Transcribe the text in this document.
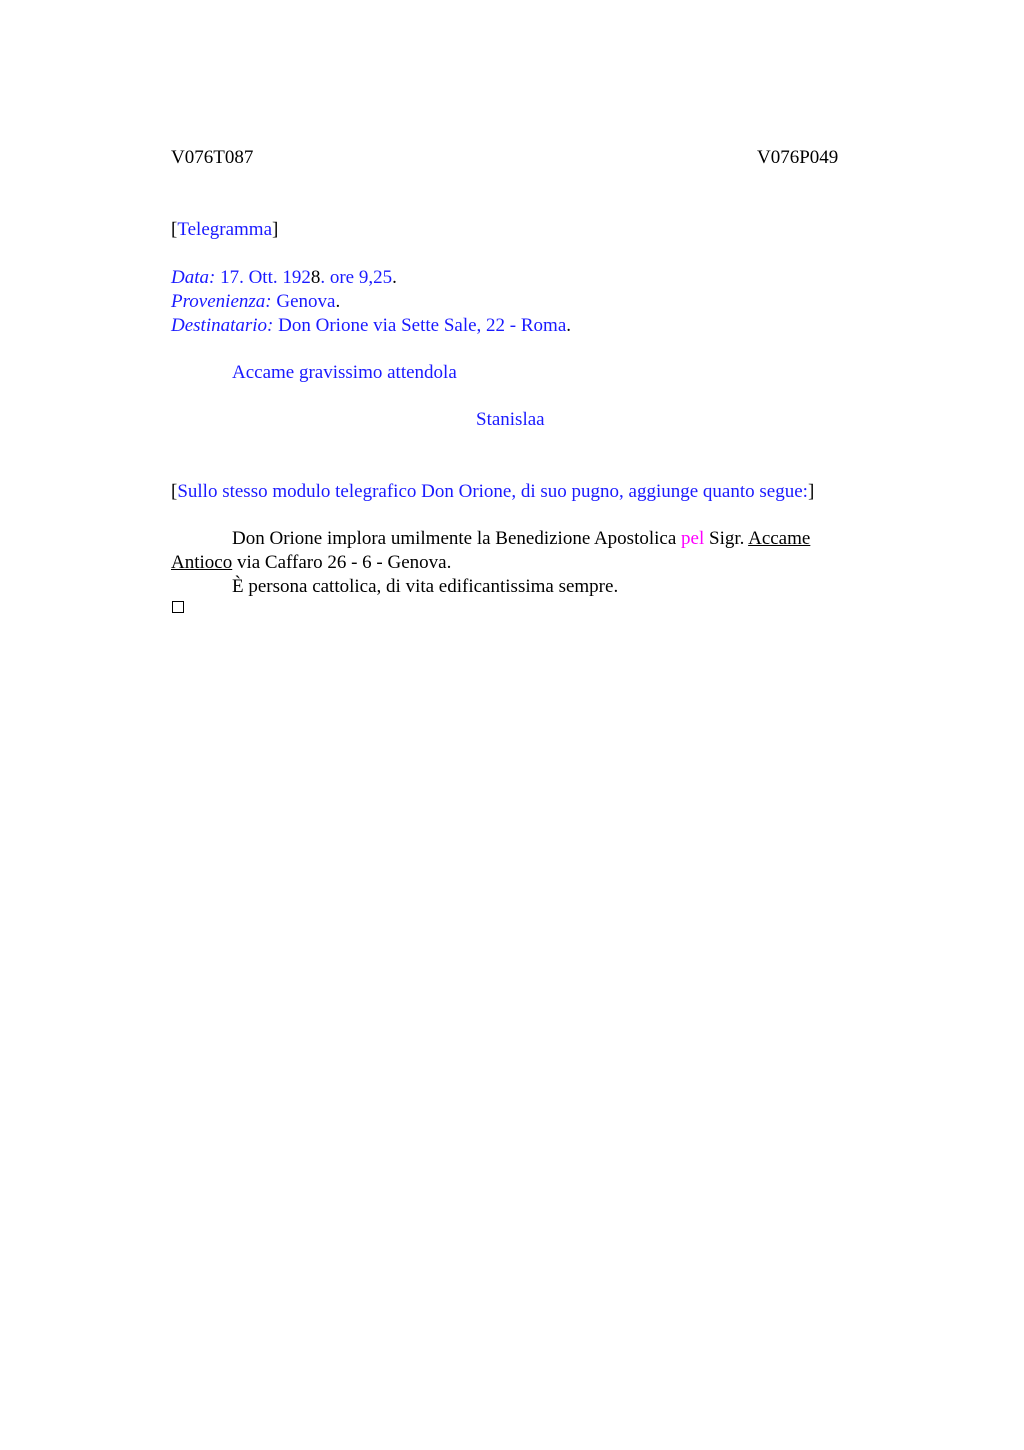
V076T087	V076P049
[Telegramma]
Data: 17. Ott. 1928. ore 9,25.
Provenienza: Genova.
Destinatario: Don Orione via Sette Sale, 22 - Roma.
Accame gravissimo attendola
Stanislaa
[Sullo stesso modulo telegrafico Don Orione, di suo pugno, aggiunge quanto segue:]
Don Orione implora umilmente la Benedizione Apostolica pel Sigr. Accame
Antioco via Caffaro 26 - 6 - Genova.
È persona cattolica, di vita edificantissima sempre.
